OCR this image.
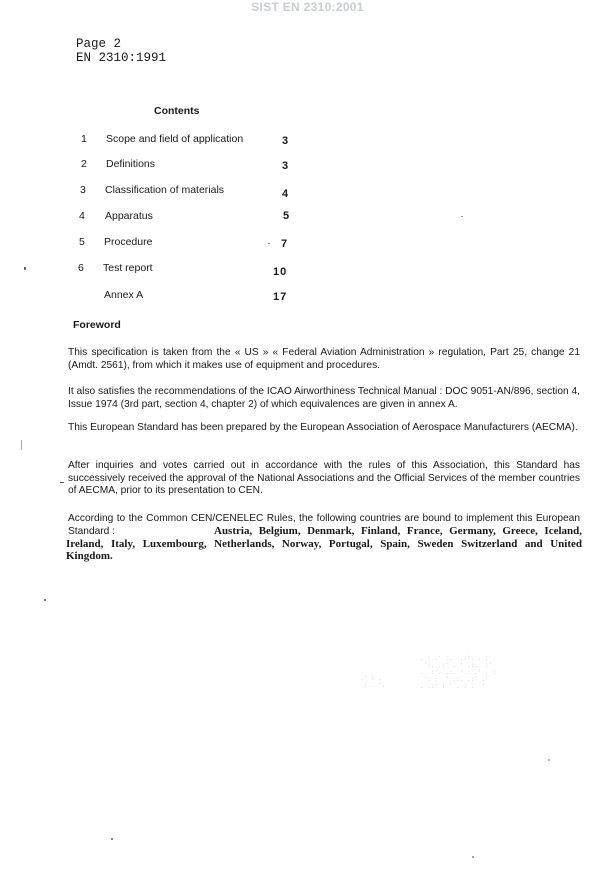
SIST EN 2310:2001
Page 2
EN 2310:1991
Contents
1 Scope and field of application	3
2 Definitions	3
3 Classification of materials	4
4 Apparatus	5
5 Procedure	7
6 Test report	10
Annex A	17
Foreword
This specification is taken from the « US » « Federal Aviation Administration » regulation, Part 25, change 21 (Amdt. 2561), from which it makes use of equipment and procedures.
It also satisfies the recommendations of the ICAO Airworthiness Technical Manual : DOC 9051-AN/896, section 4, Issue 1974 (3rd part, section 4, chapter 2) of which equivalences are given in annex A.
This European Standard has been prepared by the European Association of Aerospace Manufacturers (AECMA).
After inquiries and votes carried out in accordance with the rules of this Association, this Standard has successively received the approval of the National Associations and the Official Services of the member countries of AECMA, prior to its presentation to CEN.
According to the Common CEN/CENELEC Rules, the following countries are bound to implement this European Standard :	Austria, Belgium, Denmark, Finland, France, Germany, Greece, Iceland, Ireland, Italy, Luxembourg, Netherlands, Norway, Portugal, Spain, Sweden Switzerland and United Kingdom.
. : .' :.  .:'. . :
':. .:' . ' .:.  :'
.  :'. .:. ' : .' . :
': .  ' .:. .:' .'
. .:' : ' . : .  '
.' : .
: . '.
